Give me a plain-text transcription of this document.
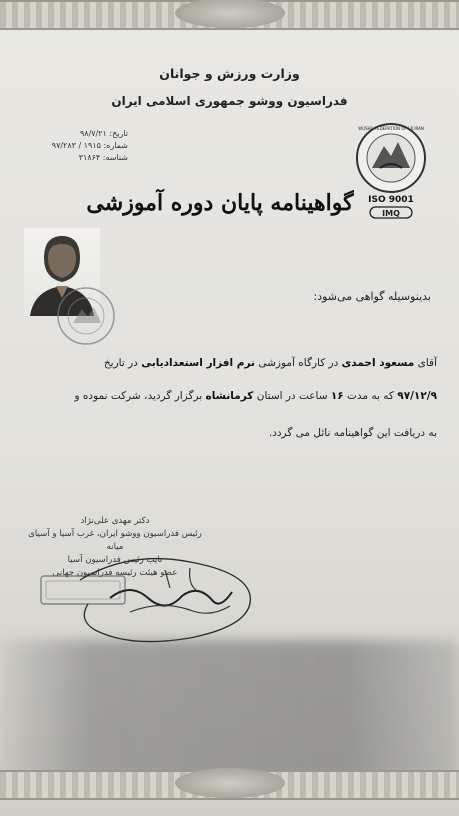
وزارت ورزش و جوانان
فدراسیون ووشو جمهوری اسلامی ایران
تاریخ: ۹۸/۷/۲۱
شماره: ۱۹۱۵ / ۹۷/۲۸۳
شناسه: ۳۱۸۶۴
WUSHU FEDERATION OF I.R.IRAN
ISO 9001
IMQ
گواهینامه پایان دوره آموزشی
بدینوسیله گواهی می‌شود:
آقای مسعود احمدی در کارگاه آموزشی نرم افزار استعدادیابی در تاریخ
۹۷/۱۲/۹ که به مدت ۱۶ ساعت در استان کرمانشاه برگزار گردید، شرکت نموده و
به دریافت این گواهینامه نائل می گردد.
دکتر مهدی علی‌نژاد
رئیس فدراسیون ووشو ایران، غرب آسیا و آسیای میانه
نایب رئیس فدراسیون آسیا
عضو هیئت رئیسه فدراسیون جهانی
